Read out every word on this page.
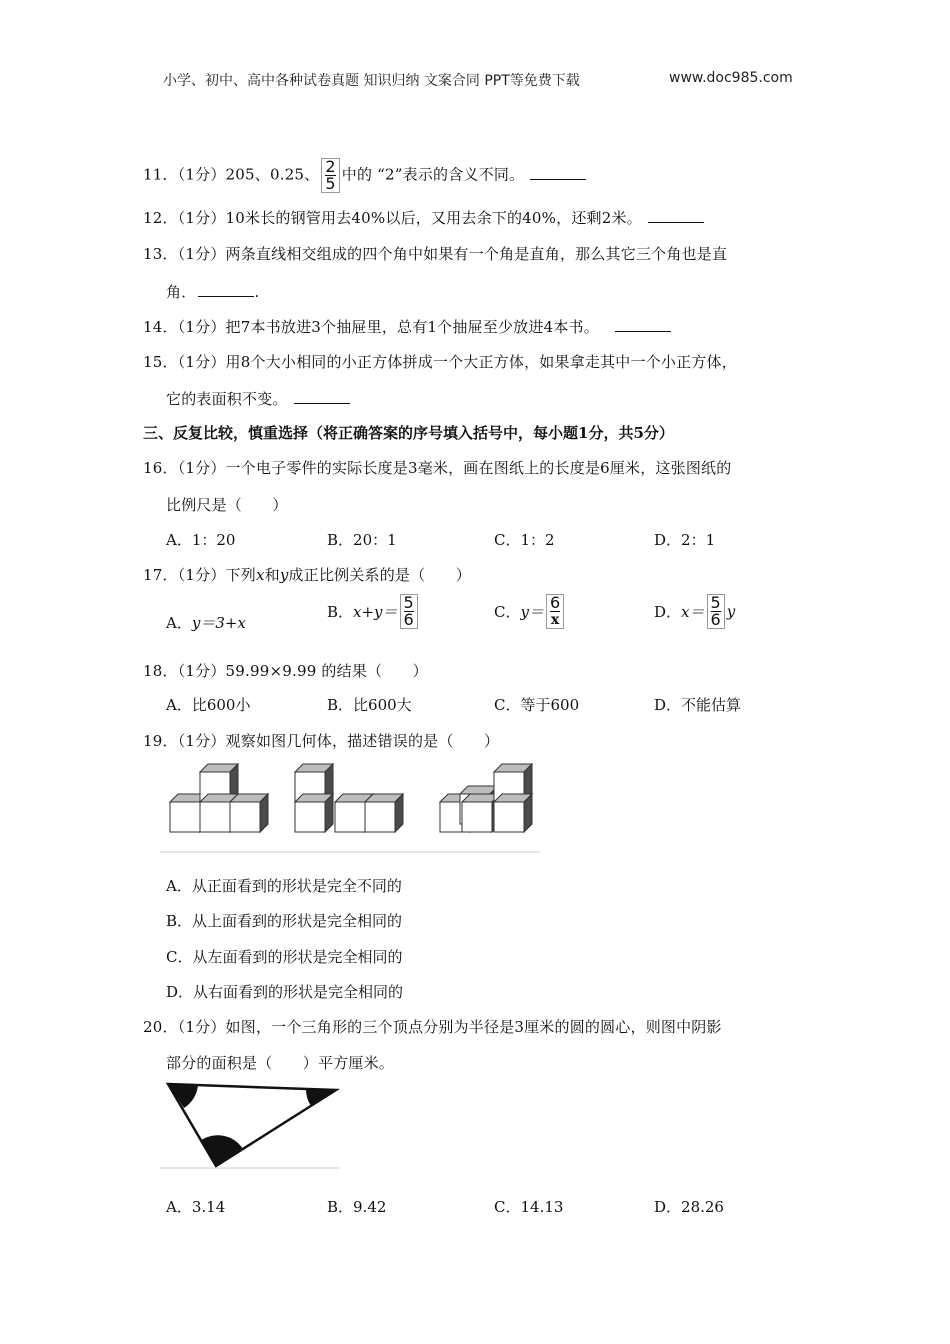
小学、初中、高中各种试卷真题 知识归纳 文案合同 PPT等免费下载	www.doc985.com
11．（1分）205、0.25、 $\frac{2}{5}$ 中的 “2”表示的含义不同。
12．（1分）10米长的钢管用去40%以后，又用去余下的40%，还剩2米。
13．（1分）两条直线相交组成的四个角中如果有一个角是直角，那么其它三个角也是直
角．	.
14．（1分）把7本书放进3个抽屉里，总有1个抽屉至少放进4本书。
15．（1分）用8个大小相同的小正方体拼成一个大正方体，如果拿走其中一个小正方体，
它的表面积不变。
三、反复比较，慎重选择（将正确答案的序号填入括号中，每小题1分，共5分）
16．（1分）一个电子零件的实际长度是3毫米，画在图纸上的长度是6厘米，这张图纸的
比例尺是（　　）
A．1：20	B．20：1	C．1：2	D．2：1
17．（1分）下列x和y成正比例关系的是（　　）
A．y＝3+x
B．$x+y= \frac{5}{6}$	C．$y= \frac{6}{x}$	D．$x= \frac{5}{6}$ y
18．（1分）59.99×9.99 的结果（　　）
A．比600小	B．比600大	C．等于600	D．不能估算
19．（1分）观察如图几何体，描述错误的是（　　）
A．从正面看到的形状是完全不同的
B．从上面看到的形状是完全相同的
C．从左面看到的形状是完全相同的
D．从右面看到的形状是完全相同的
20．（1分）如图，一个三角形的三个顶点分别为半径是3厘米的圆的圆心，则图中阴影
部分的面积是（　　）平方厘米。
A．3.14	B．9.42	C．14.13	D．28.26
